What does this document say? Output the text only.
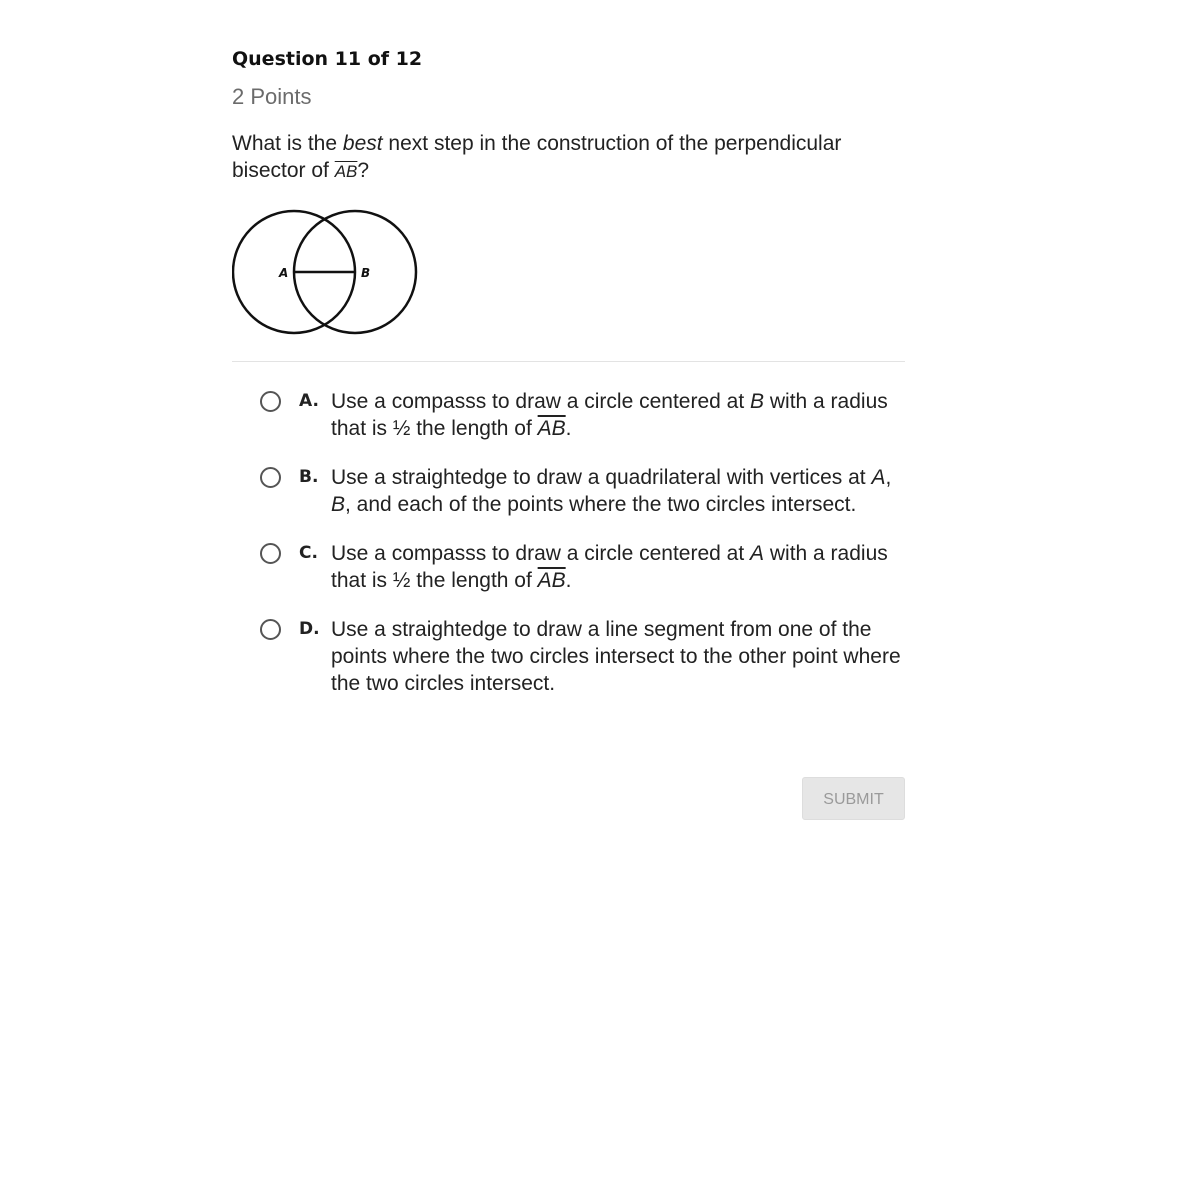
Question 11 of 12
2 Points
What is the best next step in the construction of the perpendicular bisector of $\overline{AB}$?
A	B
A. Use a compasss to draw a circle centered at B with a radius that is ½ the length of $\overline{AB}$.
B. Use a straightedge to draw a quadrilateral with vertices at A, B, and each of the points where the two circles intersect.
C. Use a compasss to draw a circle centered at A with a radius that is ½ the length of $\overline{AB}$.
D. Use a straightedge to draw a line segment from one of the points where the two circles intersect to the other point where the two circles intersect.
SUBMIT
